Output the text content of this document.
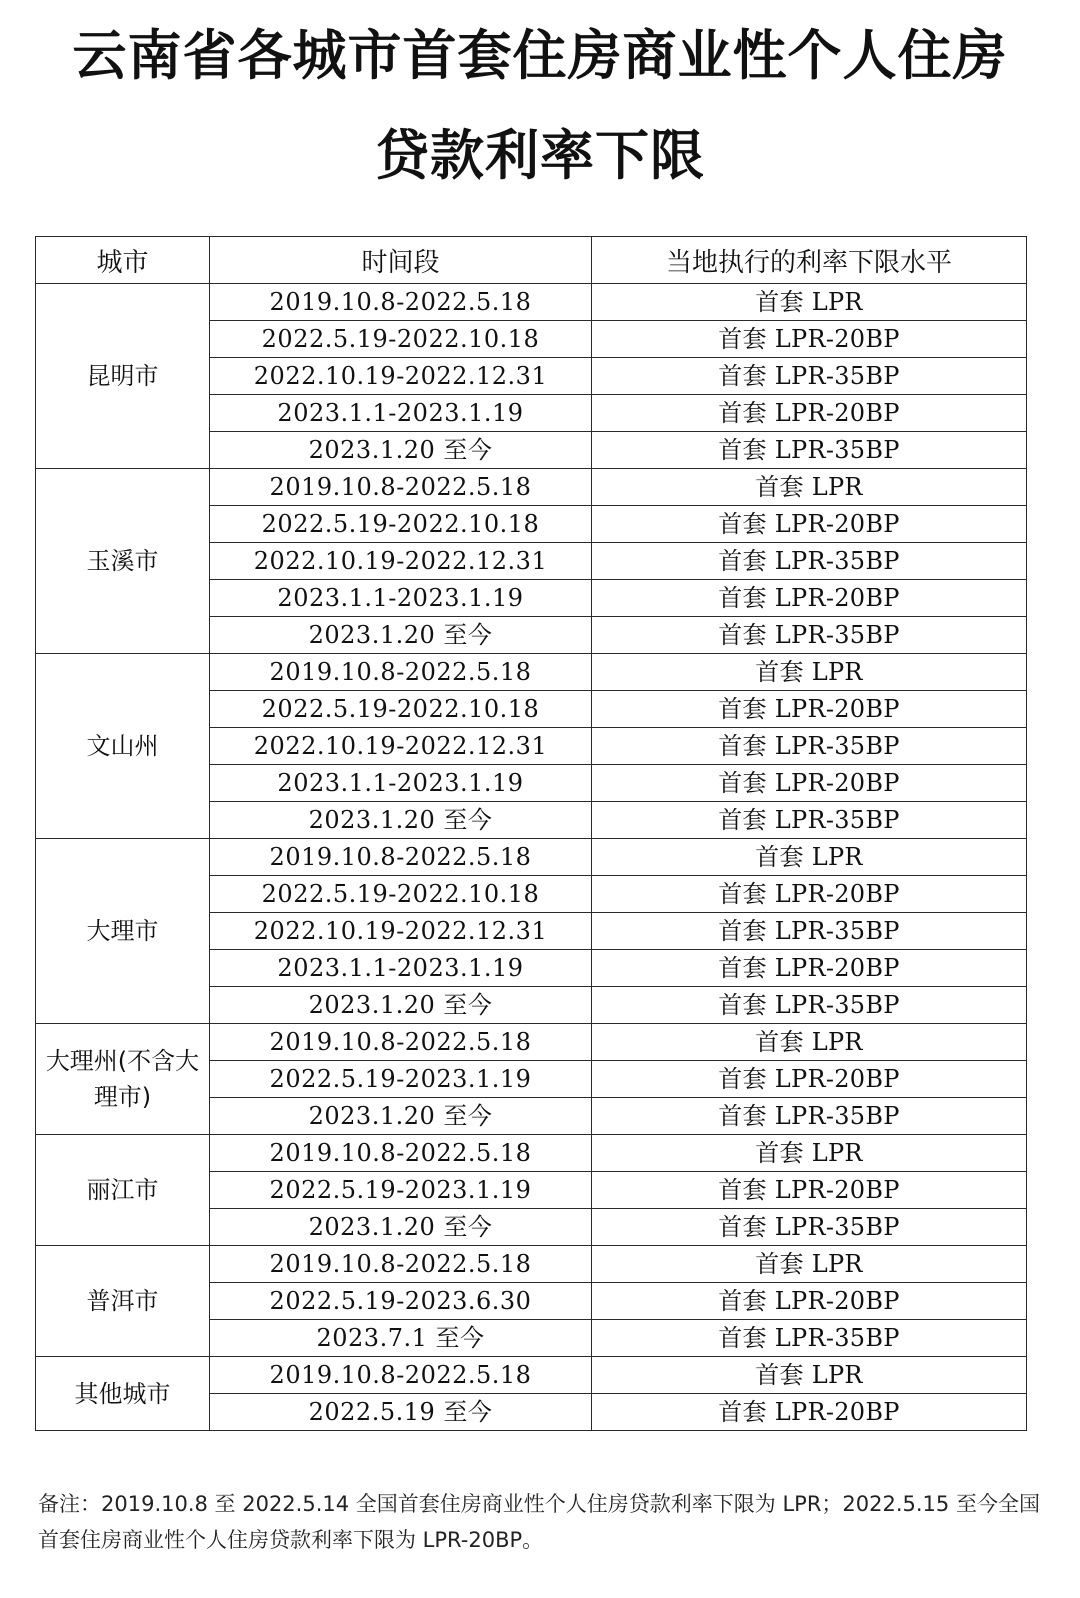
云南省各城市首套住房商业性个人住房
贷款利率下限
城市	时间段	当地执行的利率下限水平
昆明市	2019.10.8-2022.5.18	首套 LPR
	2022.5.19-2022.10.18	首套 LPR-20BP
	2022.10.19-2022.12.31	首套 LPR-35BP
	2023.1.1-2023.1.19	首套 LPR-20BP
	2023.1.20 至今	首套 LPR-35BP
玉溪市	2019.10.8-2022.5.18	首套 LPR
	2022.5.19-2022.10.18	首套 LPR-20BP
	2022.10.19-2022.12.31	首套 LPR-35BP
	2023.1.1-2023.1.19	首套 LPR-20BP
	2023.1.20 至今	首套 LPR-35BP
文山州	2019.10.8-2022.5.18	首套 LPR
	2022.5.19-2022.10.18	首套 LPR-20BP
	2022.10.19-2022.12.31	首套 LPR-35BP
	2023.1.1-2023.1.19	首套 LPR-20BP
	2023.1.20 至今	首套 LPR-35BP
大理市	2019.10.8-2022.5.18	首套 LPR
	2022.5.19-2022.10.18	首套 LPR-20BP
	2022.10.19-2022.12.31	首套 LPR-35BP
	2023.1.1-2023.1.19	首套 LPR-20BP
	2023.1.20 至今	首套 LPR-35BP
大理州(不含大理市)	2019.10.8-2022.5.18	首套 LPR
	2022.5.19-2023.1.19	首套 LPR-20BP
	2023.1.20 至今	首套 LPR-35BP
丽江市	2019.10.8-2022.5.18	首套 LPR
	2022.5.19-2023.1.19	首套 LPR-20BP
	2023.1.20 至今	首套 LPR-35BP
普洱市	2019.10.8-2022.5.18	首套 LPR
	2022.5.19-2023.6.30	首套 LPR-20BP
	2023.7.1 至今	首套 LPR-35BP
其他城市	2019.10.8-2022.5.18	首套 LPR
	2022.5.19 至今	首套 LPR-20BP
备注：2019.10.8 至 2022.5.14 全国首套住房商业性个人住房贷款利率下限为 LPR；2022.5.15 至今全国首套住房商业性个人住房贷款利率下限为 LPR-20BP。
